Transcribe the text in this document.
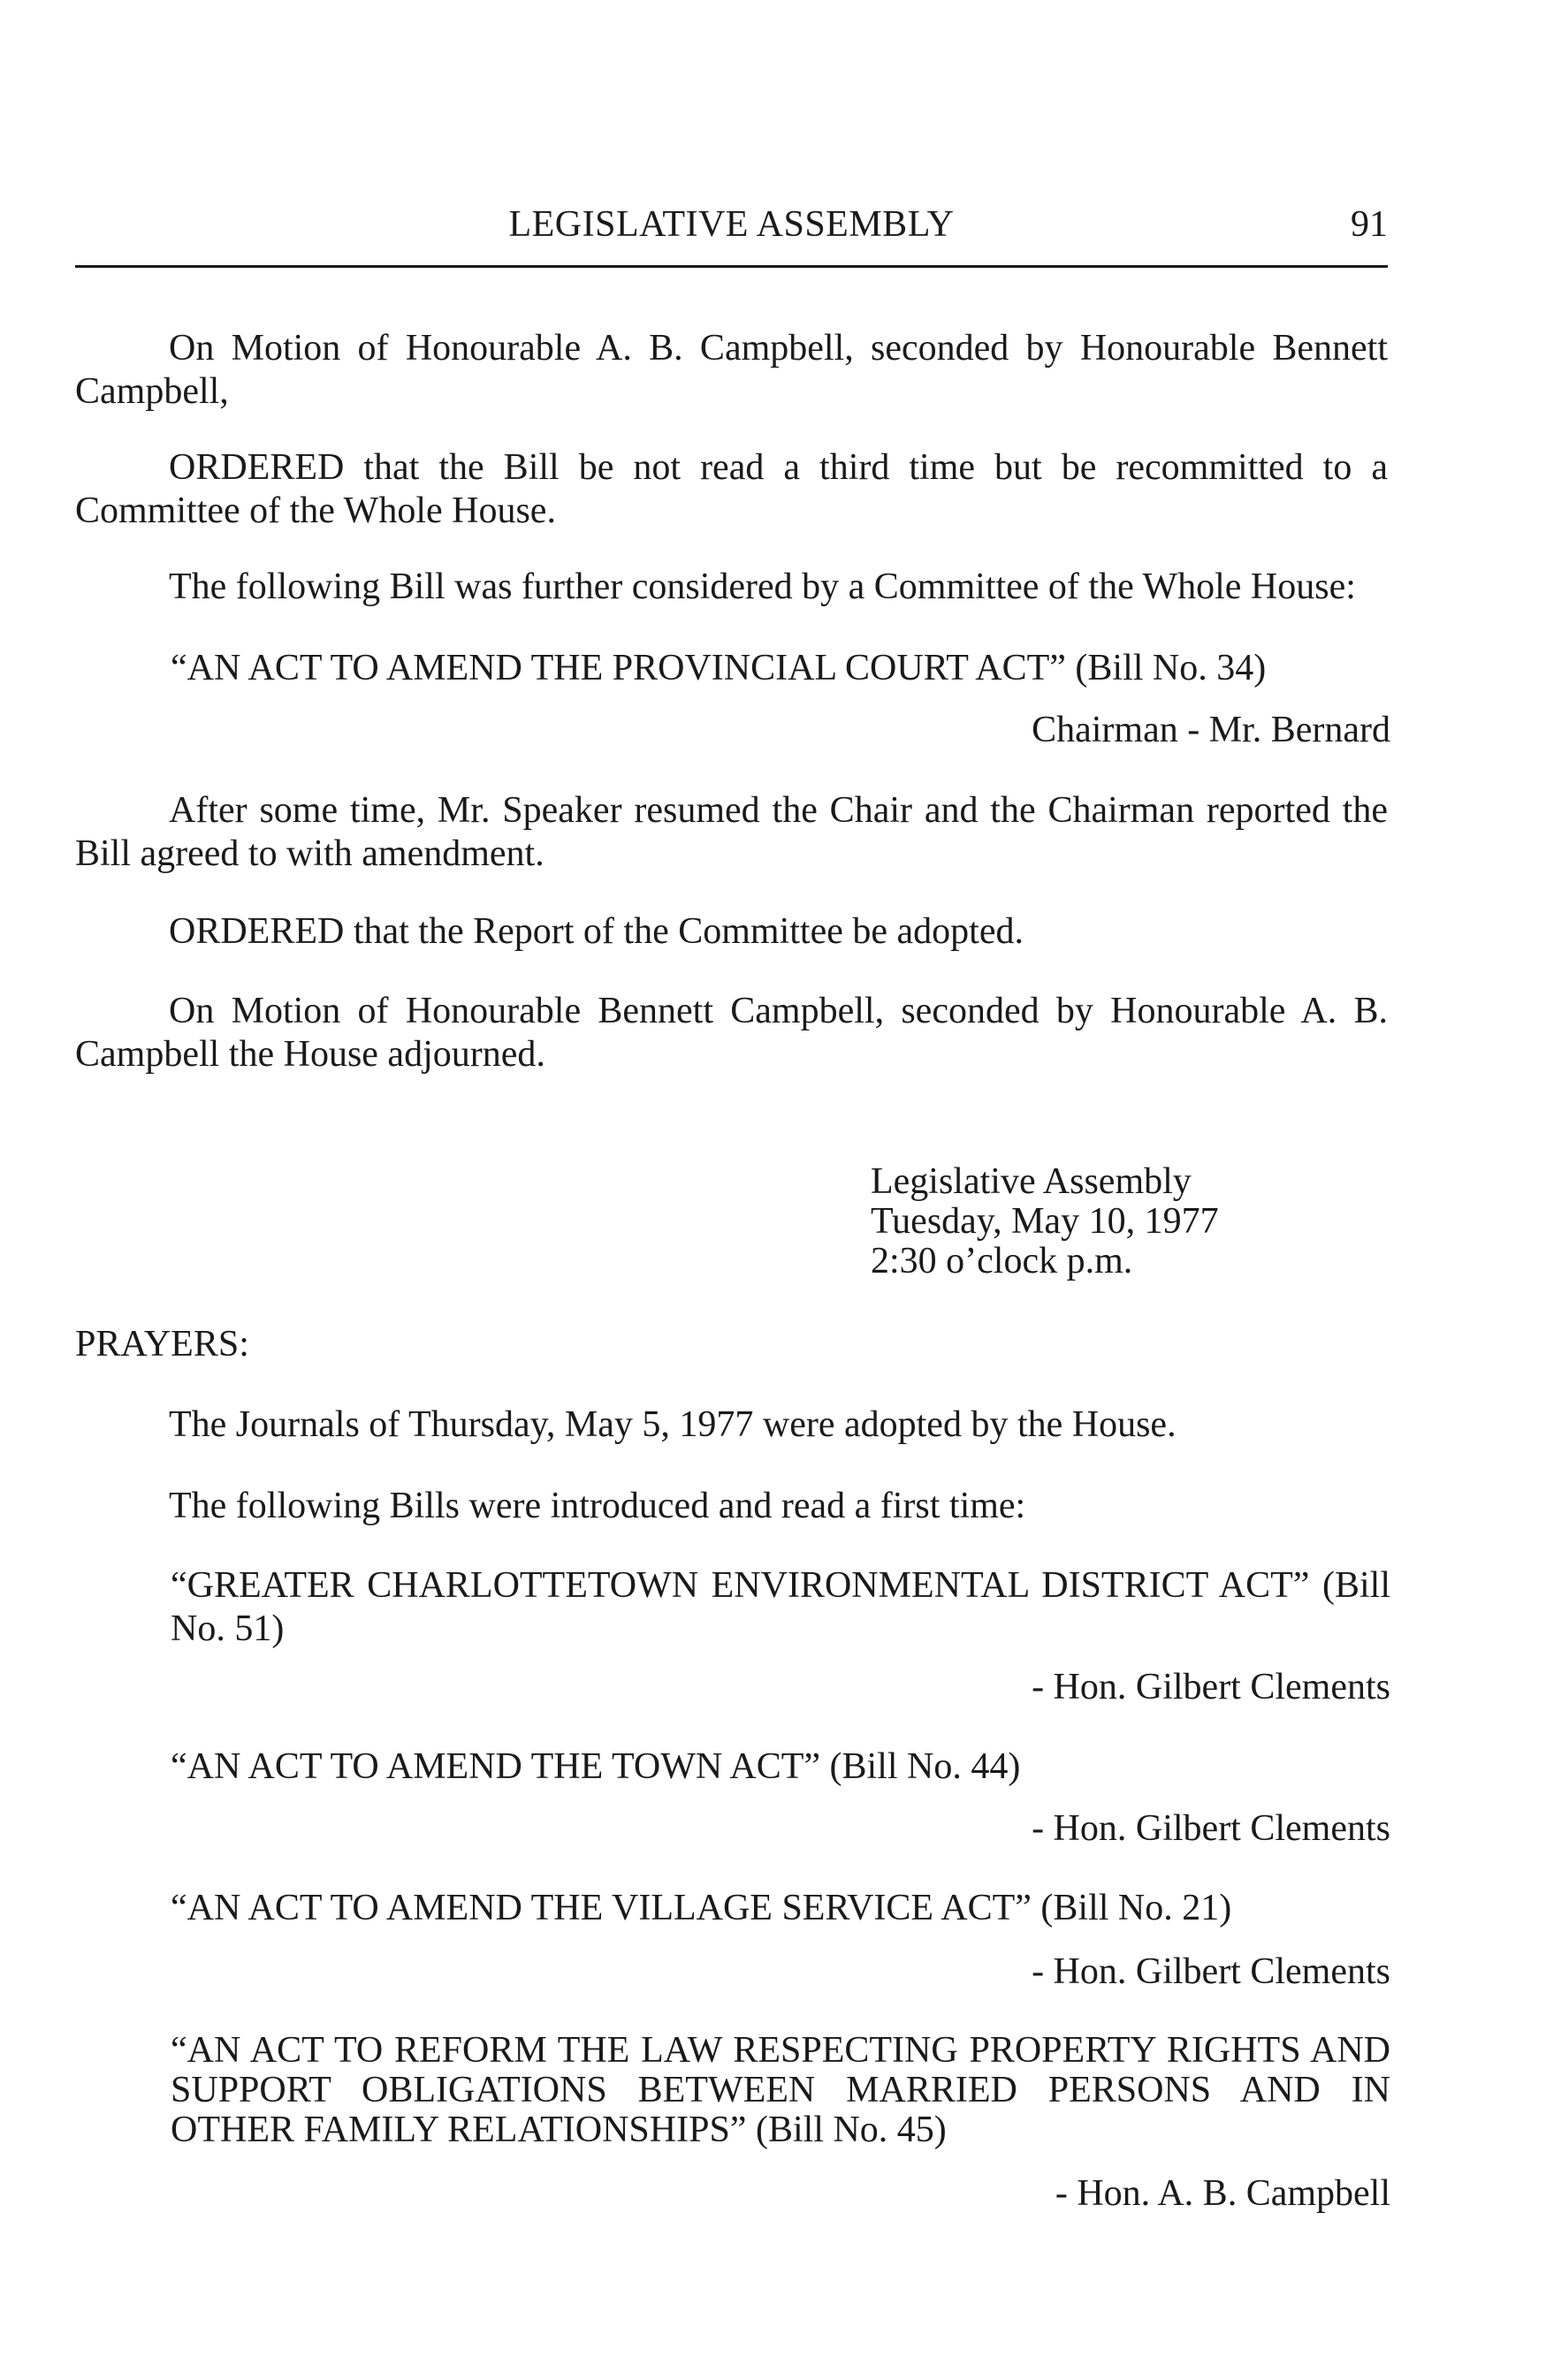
LEGISLATIVE ASSEMBLY	91
On Motion of Honourable A. B. Campbell, seconded by Honourable Bennett Campbell,
ORDERED that the Bill be not read a third time but be recommitted to a Committee of the Whole House.
The following Bill was further considered by a Committee of the Whole House:
“AN ACT TO AMEND THE PROVINCIAL COURT ACT” (Bill No. 34)
Chairman - Mr. Bernard
After some time, Mr. Speaker resumed the Chair and the Chairman reported the Bill agreed to with amendment.
ORDERED that the Report of the Committee be adopted.
On Motion of Honourable Bennett Campbell, seconded by Honourable A. B. Campbell the House adjourned.
Legislative Assembly
Tuesday, May 10, 1977
2:30 o’clock p.m.
PRAYERS:
The Journals of Thursday, May 5, 1977 were adopted by the House.
The following Bills were introduced and read a first time:
“GREATER CHARLOTTETOWN ENVIRONMENTAL DISTRICT ACT” (Bill No. 51)
- Hon. Gilbert Clements
“AN ACT TO AMEND THE TOWN ACT” (Bill No. 44)
- Hon. Gilbert Clements
“AN ACT TO AMEND THE VILLAGE SERVICE ACT” (Bill No. 21)
- Hon. Gilbert Clements
“AN ACT TO REFORM THE LAW RESPECTING PROPERTY RIGHTS AND SUPPORT OBLIGATIONS BETWEEN MARRIED PERSONS AND IN OTHER FAMILY RELATIONSHIPS” (Bill No. 45)
- Hon. A. B. Campbell
